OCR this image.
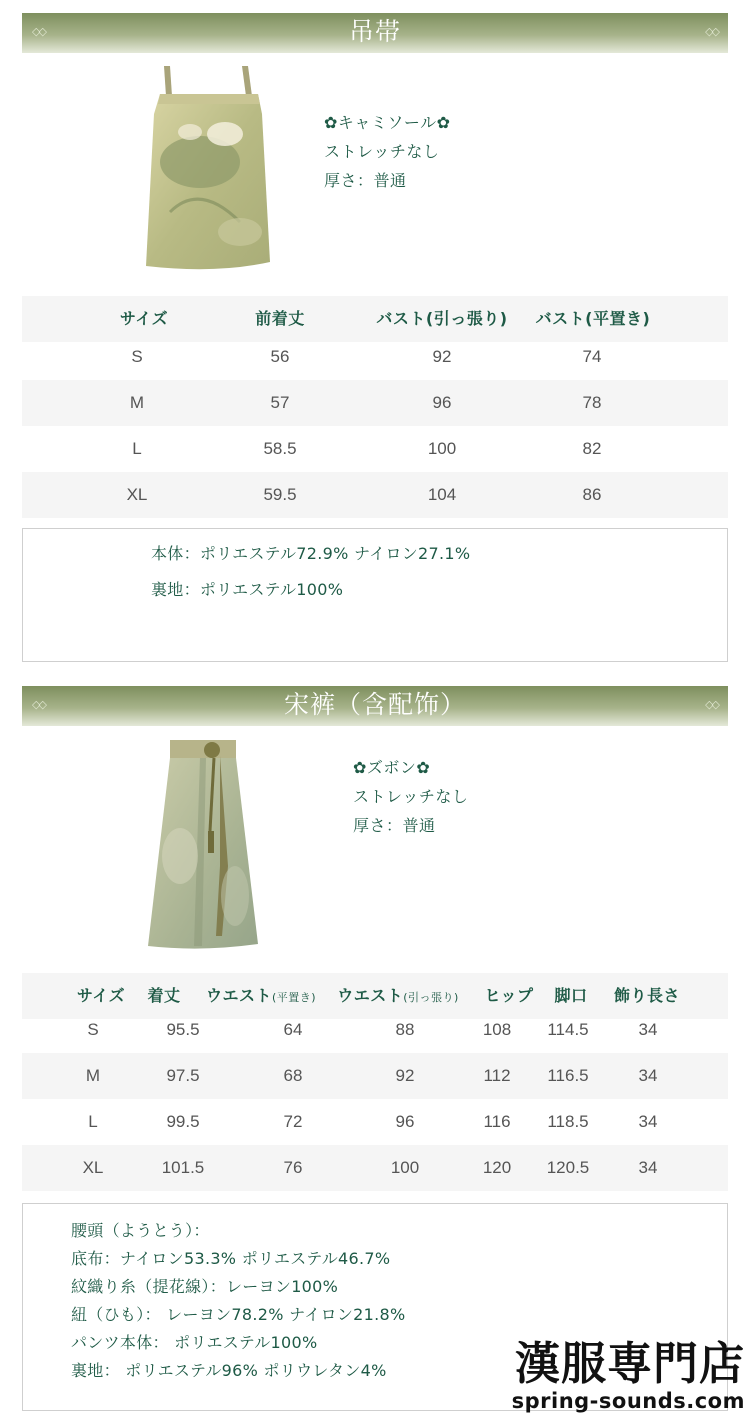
◇◇	吊帯	◇◇
✿キャミソール✿
ストレッチなし
厚さ：普通
サイズ	前着丈	バスト(引っ張り)	バスト(平置き)
S	56	92	74
M	57	96	78
L	58.5	100	82
XL	59.5	104	86
本体：ポリエステル72.9% ナイロン27.1%
裏地：ポリエステル100%
◇◇	宋裤（含配饰）	◇◇
✿ズボン✿
ストレッチなし
厚さ：普通
サイズ	着丈	ウエスト(平置き)	ウエスト(引っ張り)	ヒップ	脚口	飾り長さ
S	95.5	64	88	108	114.5	34
M	97.5	68	92	112	116.5	34
L	99.5	72	96	116	118.5	34
XL	101.5	76	100	120	120.5	34
腰頭（ようとう）：
底布：ナイロン53.3% ポリエステル46.7%
紋織り糸（提花線）：レーヨン100%
紐（ひも）： レーヨン78.2% ナイロン21.8%
パンツ本体： ポリエステル100%
裏地： ポリエステル96% ポリウレタン4%	漢服専門店
spring-sounds.com
